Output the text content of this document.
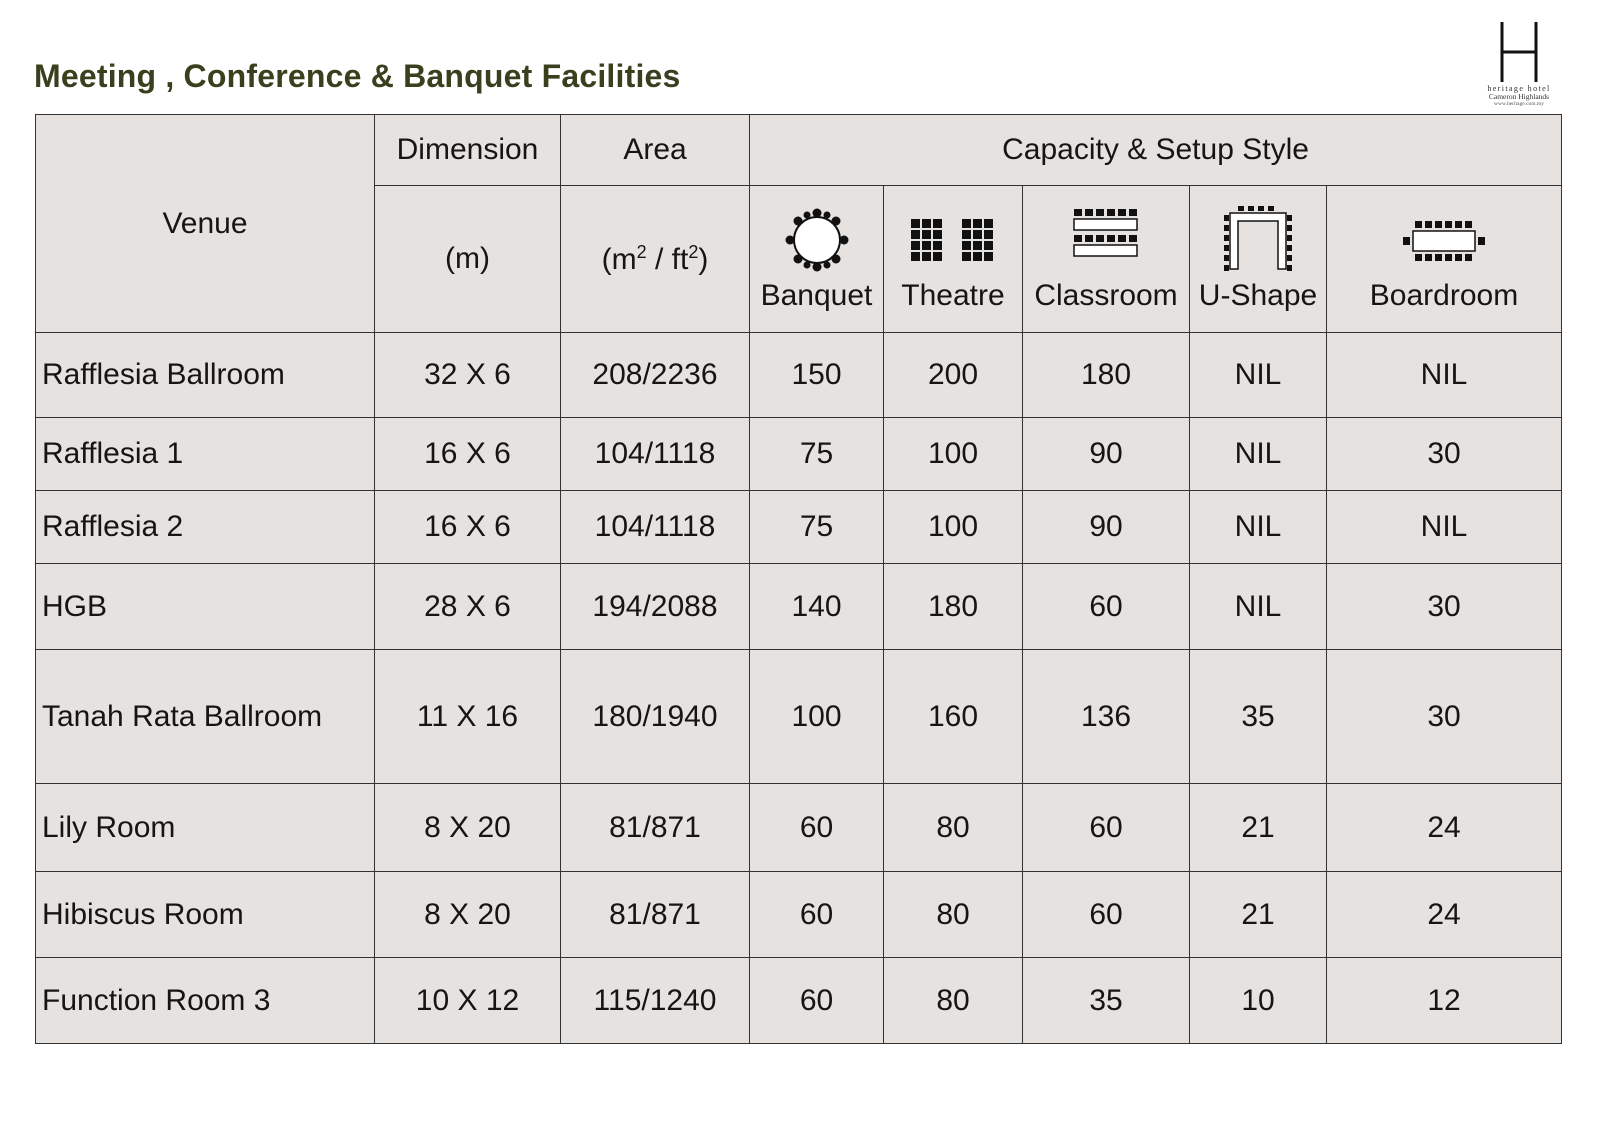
Meeting , Conference & Banquet Facilities	heritage hotel
Cameron Highlands
www.heritage.com.my
Venue	Dimension	Area	Capacity & Setup Style				
	(m)	$(m^2 / ft^2)$	Banquet	Theatre	Classroom	U-Shape	Boardroom

Rafflesia Ballroom	32 X 6	208/2236	150	200	180	NIL	NIL
Rafflesia 1	16 X 6	104/1118	75	100	90	NIL	30
Rafflesia 2	16 X 6	104/1118	75	100	90	NIL	NIL
HGB	28 X 6	194/2088	140	180	60	NIL	30
Tanah Rata Ballroom	11 X 16	180/1940	100	160	136	35	30
Lily Room	8 X 20	81/871	60	80	60	21	24
Hibiscus Room	8 X 20	81/871	60	80	60	21	24
Function Room 3	10 X 12	115/1240	60	80	35	10	12
